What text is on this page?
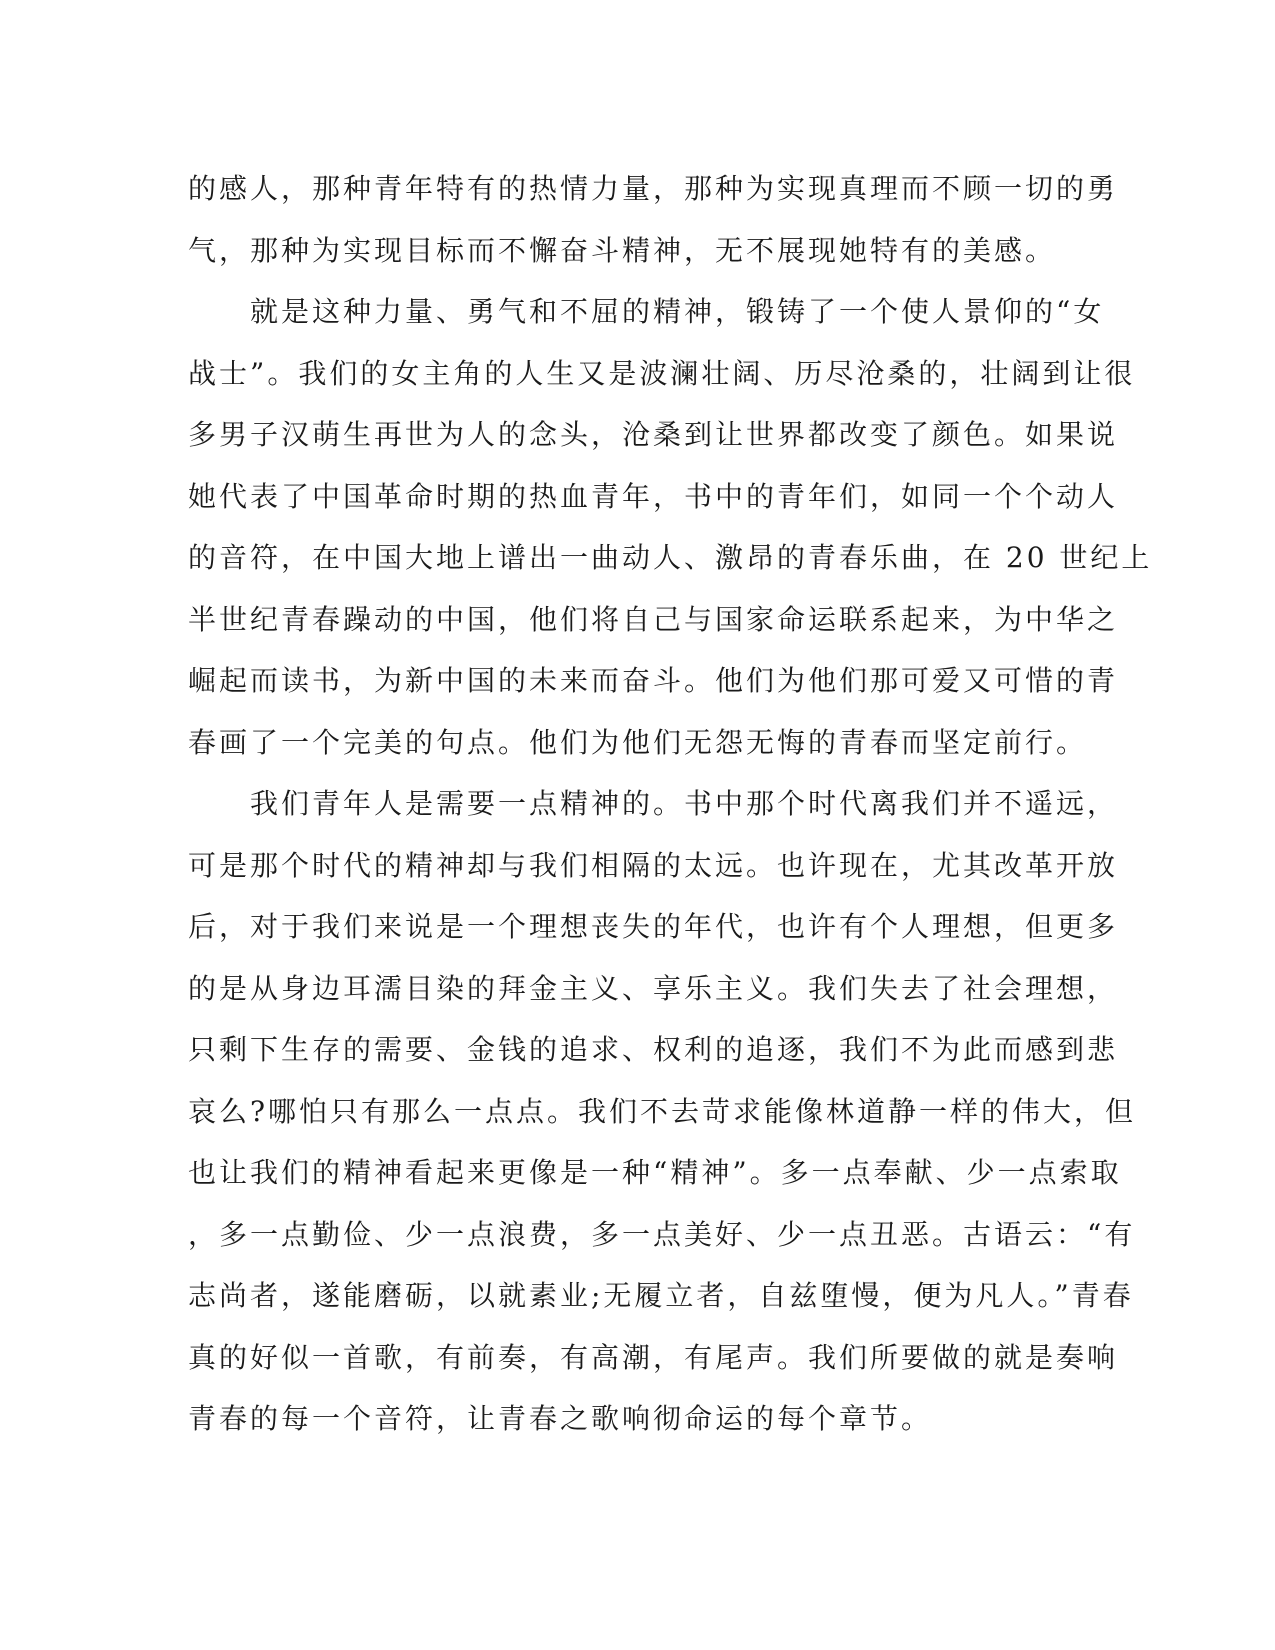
的感人，那种青年特有的热情力量，那种为实现真理而不顾一切的勇
气，那种为实现目标而不懈奋斗精神，无不展现她特有的美感。
　　就是这种力量、勇气和不屈的精神，锻铸了一个使人景仰的“女
战士”。我们的女主角的人生又是波澜壮阔、历尽沧桑的，壮阔到让很
多男子汉萌生再世为人的念头，沧桑到让世界都改变了颜色。如果说
她代表了中国革命时期的热血青年，书中的青年们，如同一个个动人
的音符，在中国大地上谱出一曲动人、激昂的青春乐曲，在 20 世纪上
半世纪青春躁动的中国，他们将自己与国家命运联系起来，为中华之
崛起而读书，为新中国的未来而奋斗。他们为他们那可爱又可惜的青
春画了一个完美的句点。他们为他们无怨无悔的青春而坚定前行。
　　我们青年人是需要一点精神的。书中那个时代离我们并不遥远，
可是那个时代的精神却与我们相隔的太远。也许现在，尤其改革开放
后，对于我们来说是一个理想丧失的年代，也许有个人理想，但更多
的是从身边耳濡目染的拜金主义、享乐主义。我们失去了社会理想，
只剩下生存的需要、金钱的追求、权利的追逐，我们不为此而感到悲
哀么?哪怕只有那么一点点。我们不去苛求能像林道静一样的伟大，但
也让我们的精神看起来更像是一种“精神”。多一点奉献、少一点索取
，多一点勤俭、少一点浪费，多一点美好、少一点丑恶。古语云：“有
志尚者，遂能磨砺，以就素业;无履立者，自兹堕慢，便为凡人。”青春
真的好似一首歌，有前奏，有高潮，有尾声。我们所要做的就是奏响
青春的每一个音符，让青春之歌响彻命运的每个章节。
